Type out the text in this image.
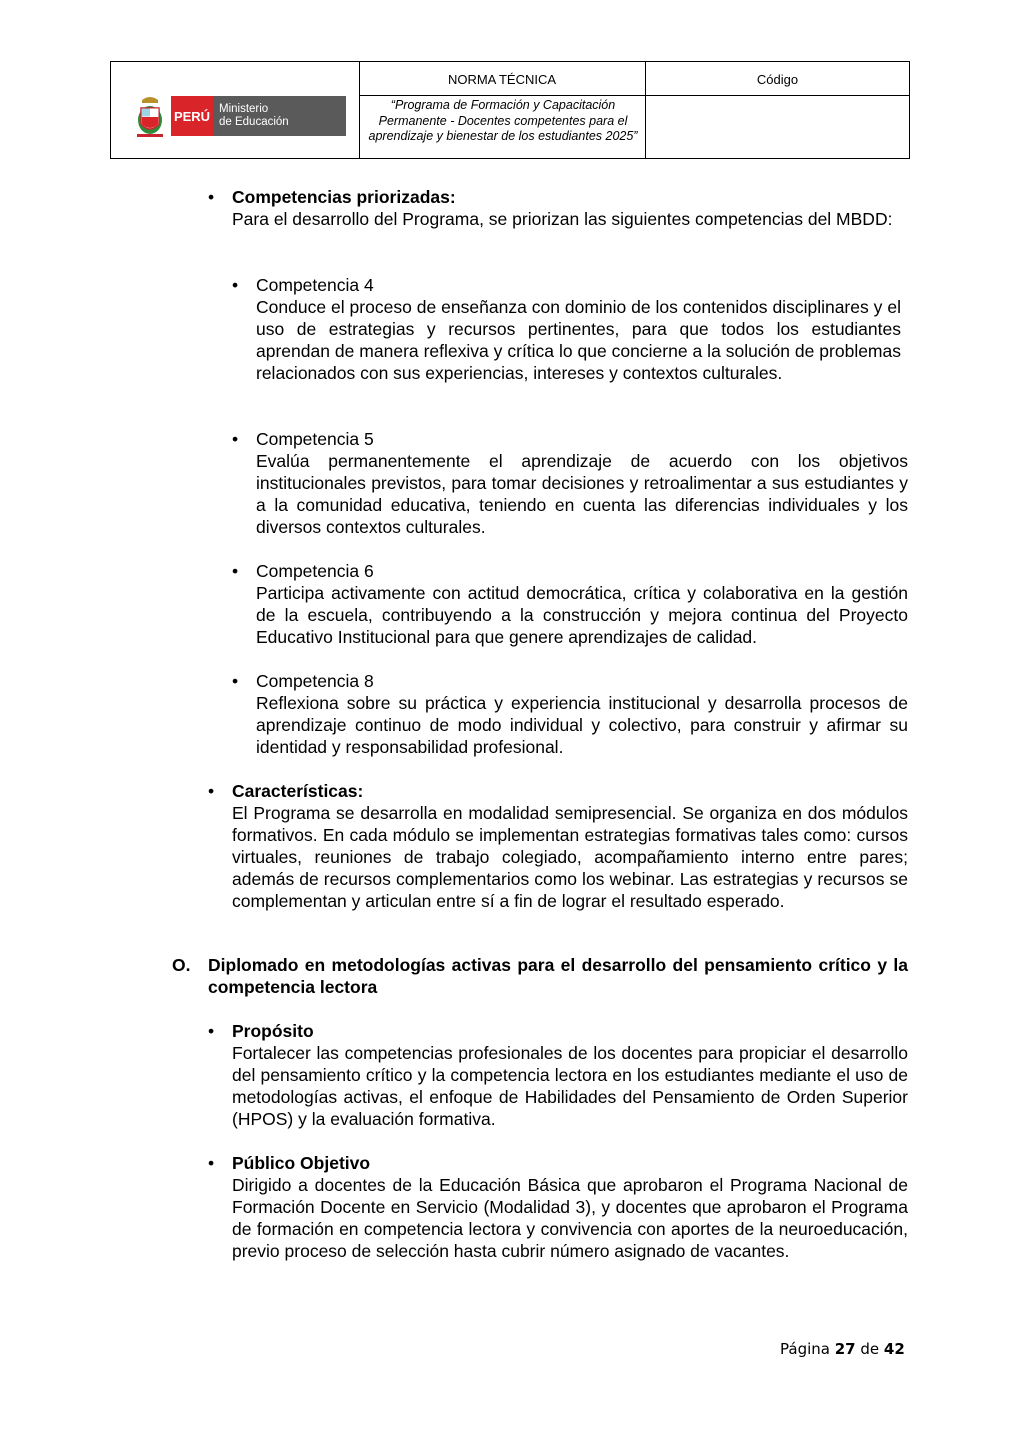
PERÚ Ministerio
de Educación
NORMA TÉCNICA	Código
“Programa de Formación y Capacitación Permanente - Docentes competentes para el aprendizaje y bienestar de los estudiantes 2025”
• Competencias priorizadas:
Para el desarrollo del Programa, se priorizan las siguientes competencias del MBDD:
• Competencia 4
Conduce el proceso de enseñanza con dominio de los contenidos disciplinares y el uso de estrategias y recursos pertinentes, para que todos los estudiantes aprendan de manera reflexiva y crítica lo que concierne a la solución de problemas relacionados con sus experiencias, intereses y contextos culturales.
• Competencia 5
Evalúa permanentemente el aprendizaje de acuerdo con los objetivos institucionales previstos, para tomar decisiones y retroalimentar a sus estudiantes y a la comunidad educativa, teniendo en cuenta las diferencias individuales y los diversos contextos culturales.
• Competencia 6
Participa activamente con actitud democrática, crítica y colaborativa en la gestión de la escuela, contribuyendo a la construcción y mejora continua del Proyecto Educativo Institucional para que genere aprendizajes de calidad.
• Competencia 8
Reflexiona sobre su práctica y experiencia institucional y desarrolla procesos de aprendizaje continuo de modo individual y colectivo, para construir y afirmar su identidad y responsabilidad profesional.
• Características:
El Programa se desarrolla en modalidad semipresencial. Se organiza en dos módulos formativos. En cada módulo se implementan estrategias formativas tales como: cursos virtuales, reuniones de trabajo colegiado, acompañamiento interno entre pares; además de recursos complementarios como los webinar. Las estrategias y recursos se complementan y articulan entre sí a fin de lograr el resultado esperado.
O. Diplomado en metodologías activas para el desarrollo del pensamiento crítico y la competencia lectora
• Propósito
Fortalecer las competencias profesionales de los docentes para propiciar el desarrollo del pensamiento crítico y la competencia lectora en los estudiantes mediante el uso de metodologías activas, el enfoque de Habilidades del Pensamiento de Orden Superior (HPOS) y la evaluación formativa.
• Público Objetivo
Dirigido a docentes de la Educación Básica que aprobaron el Programa Nacional de Formación Docente en Servicio (Modalidad 3), y docentes que aprobaron el Programa de formación en competencia lectora y convivencia con aportes de la neuroeducación, previo proceso de selección hasta cubrir número asignado de vacantes.
Página 27 de 42
